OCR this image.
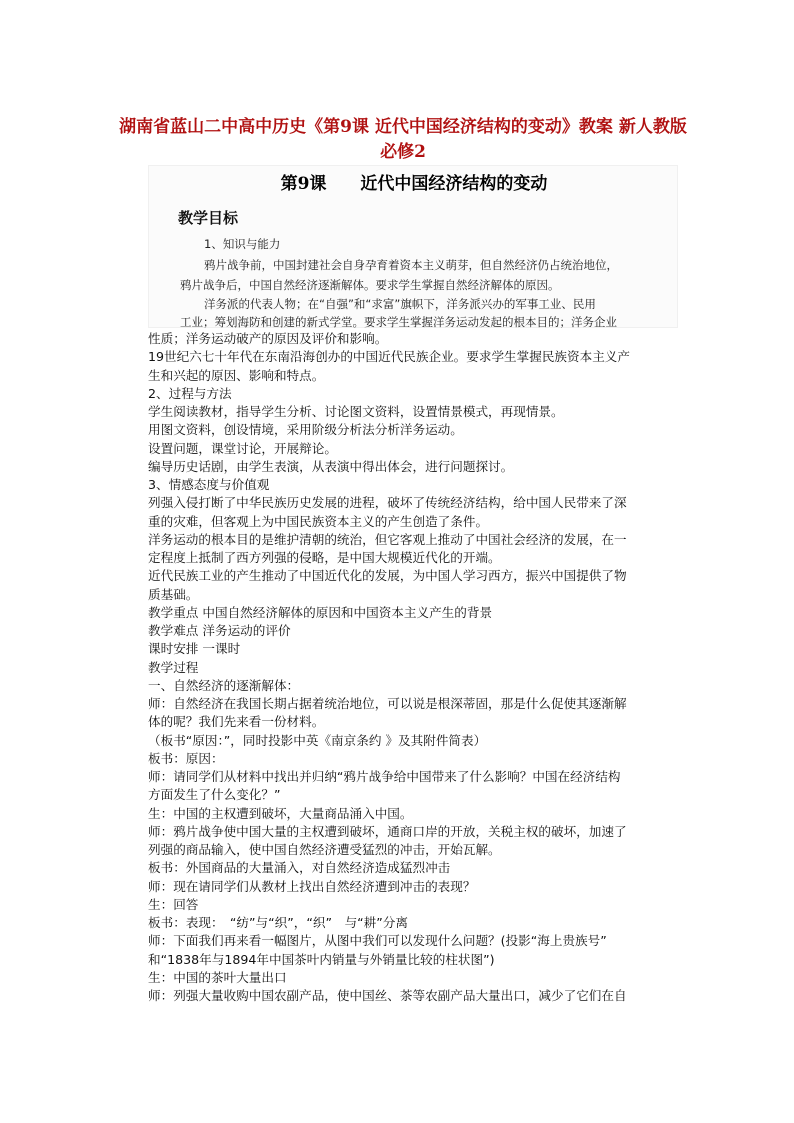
湖南省蓝山二中高中历史《第9课 近代中国经济结构的变动》教案 新人教版必修2
第9课　　近代中国经济结构的变动
教学目标

1、知识与能力

鸦片战争前，中国封建社会自身孕育着资本主义萌芽，但自然经济仍占统治地位，

鸦片战争后，中国自然经济逐渐解体。要求学生掌握自然经济解体的原因。

洋务派的代表人物；在“自强”和“求富”旗帜下，洋务派兴办的军事工业、民用

工业；筹划海防和创建的新式学堂。要求学生掌握洋务运动发起的根本目的；洋务企业

性质；洋务运动破产的原因及评价和影响。
19世纪六七十年代在东南沿海创办的中国近代民族企业。要求学生掌握民族资本主义产
生和兴起的原因、影响和特点。
2、过程与方法
学生阅读教材，指导学生分析、讨论图文资料，设置情景模式，再现情景。
用图文资料，创设情境，采用阶级分析法分析洋务运动。
设置问题，课堂讨论，开展辩论。
编导历史话剧，由学生表演，从表演中得出体会，进行问题探讨。
3、情感态度与价值观
列强入侵打断了中华民族历史发展的进程，破坏了传统经济结构，给中国人民带来了深
重的灾难，但客观上为中国民族资本主义的产生创造了条件。
洋务运动的根本目的是维护清朝的统治，但它客观上推动了中国社会经济的发展，在一
定程度上抵制了西方列强的侵略，是中国大规模近代化的开端。
近代民族工业的产生推动了中国近代化的发展，为中国人学习西方，振兴中国提供了物
质基础。
教学重点 中国自然经济解体的原因和中国资本主义产生的背景
教学难点 洋务运动的评价
课时安排 一课时
教学过程
一、自然经济的逐渐解体：
师：自然经济在我国长期占据着统治地位，可以说是根深蒂固，那是什么促使其逐渐解
体的呢？我们先来看一份材料。
（板书“原因：”，同时投影中英《南京条约 》及其附件简表）
板书：原因：
师：请同学们从材料中找出并归纳“鸦片战争给中国带来了什么影响？中国在经济结构
方面发生了什么变化？”
生：中国的主权遭到破坏，大量商品涌入中国。
师：鸦片战争使中国大量的主权遭到破坏，通商口岸的开放，关税主权的破坏，加速了
列强的商品输入，使中国自然经济遭受猛烈的冲击，开始瓦解。
板书：外国商品的大量涌入，对自然经济造成猛烈冲击
师：现在请同学们从教材上找出自然经济遭到冲击的表现？
生：回答
板书：表现：　“纺”与“织”，“织”　与“耕”分离
师：下面我们再来看一幅图片，从图中我们可以发现什么问题？(投影“海上贵族号”
和“1838年与1894年中国茶叶内销量与外销量比较的柱状图”)
生：中国的茶叶大量出口
师：列强大量收购中国农副产品，使中国丝、茶等农副产品大量出口，减少了它们在自
